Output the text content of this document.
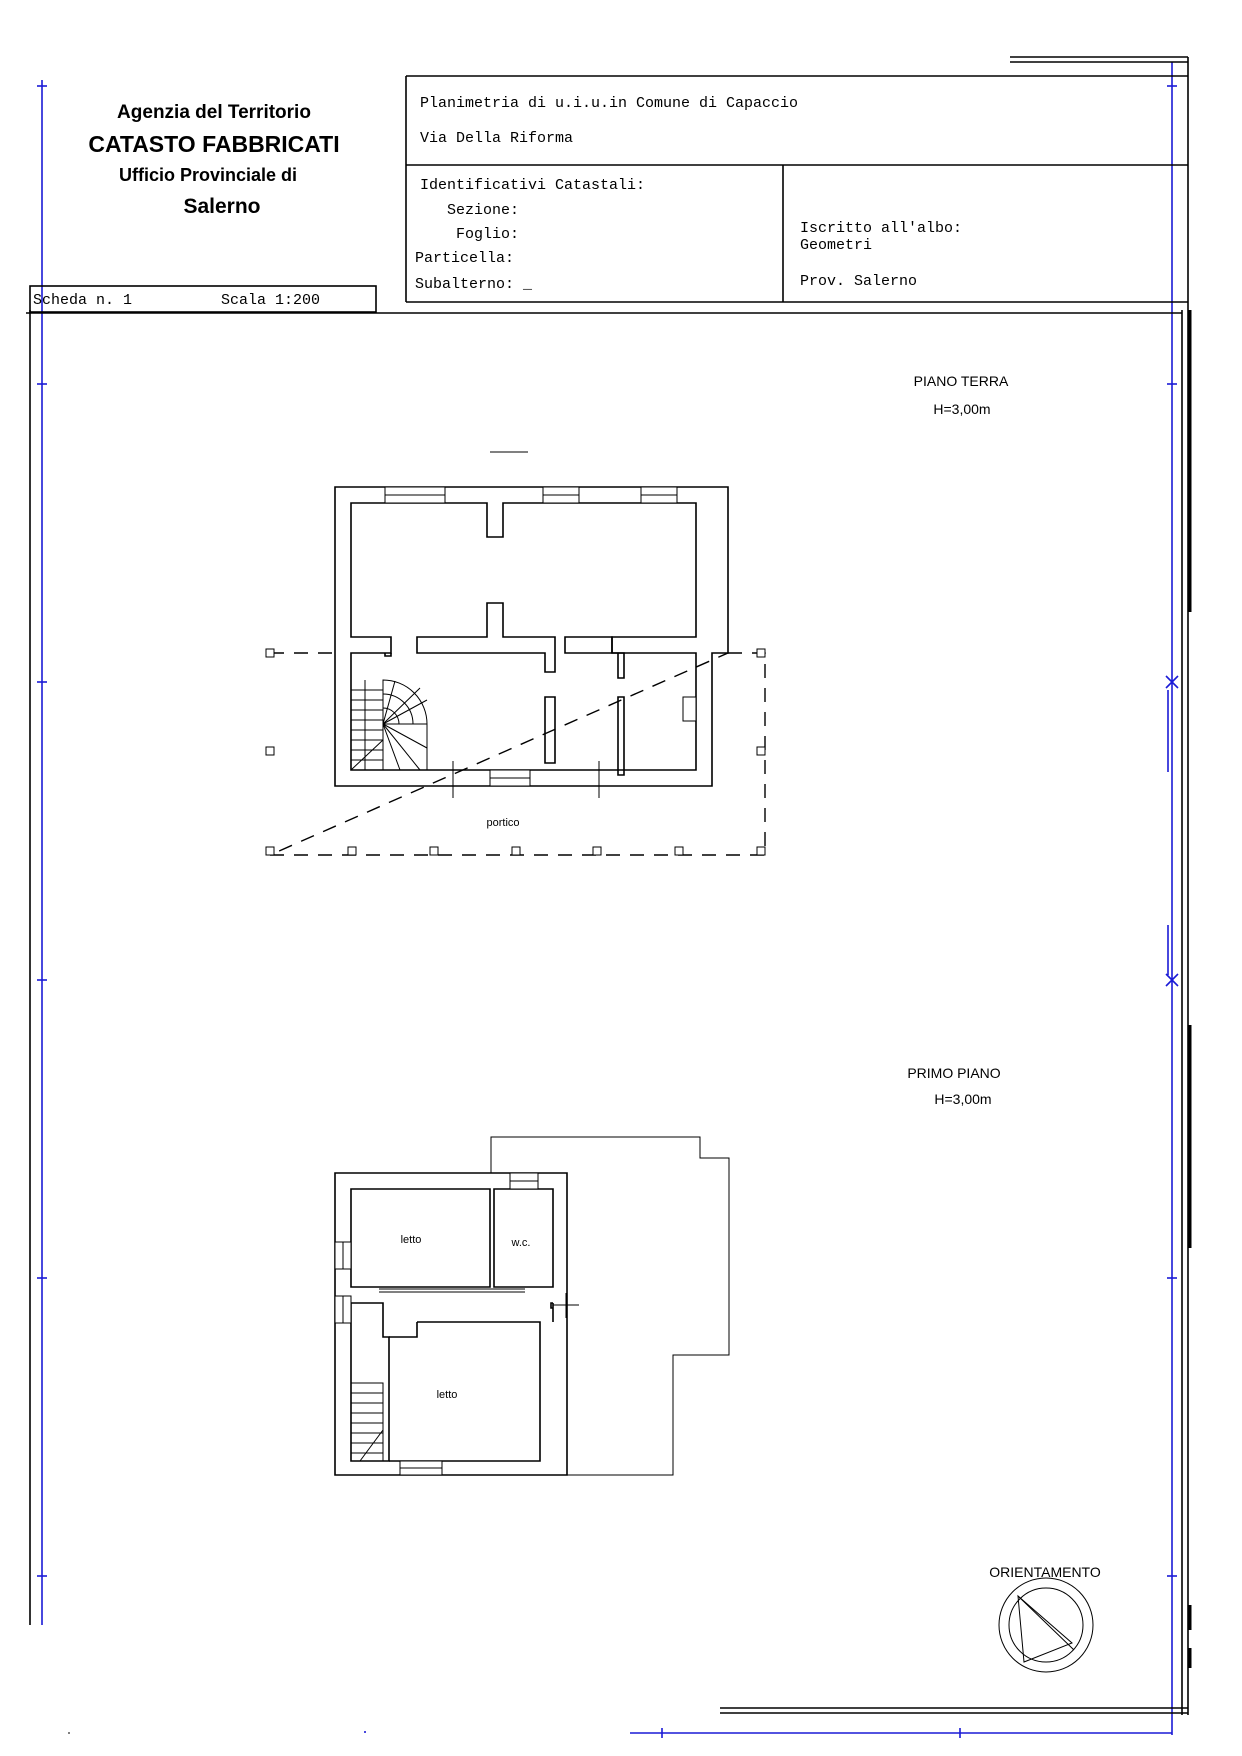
Agenzia del Territorio
CATASTO FABBRICATI
Ufficio Provinciale di
Salerno
Planimetria di u.i.u.in Comune di Capaccio
Via Della Riforma
Identificativi Catastali:
Sezione:
Foglio:
Particella:
Subalterno: _
Iscritto all'albo:
Geometri
Prov. Salerno
Scheda n. 1	Scala 1:200
PIANO TERRA
H=3,00m
portico
PRIMO PIANO
H=3,00m
letto	w.c.
letto
ORIENTAMENTO
